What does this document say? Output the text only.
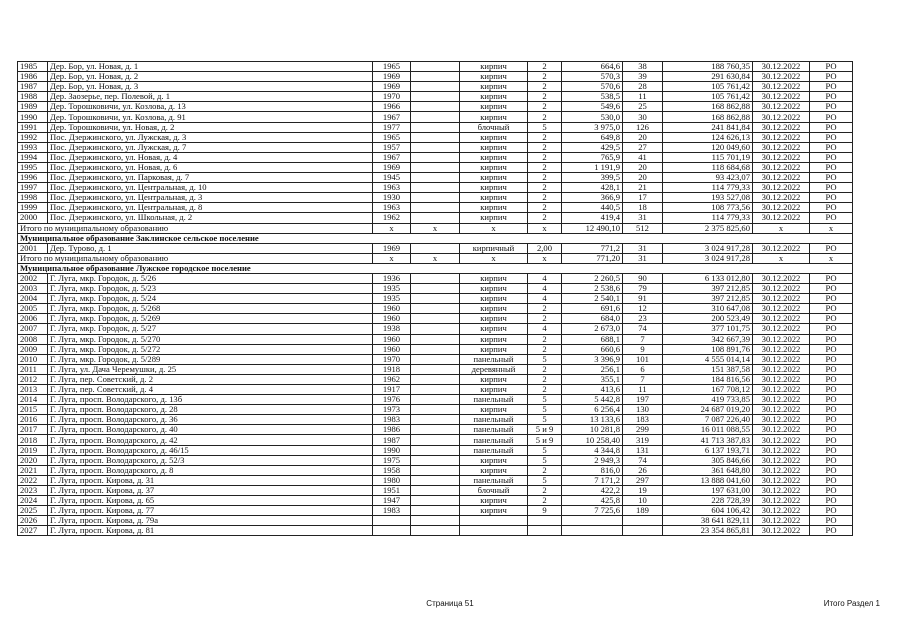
1985	Дер. Бор, ул. Новая, д. 1	1965		кирпич	2	664,6	38	188 760,35	30.12.2022	РО
1986	Дер. Бор, ул. Новая, д. 2	1969		кирпич	2	570,3	39	291 630,84	30.12.2022	РО
1987	Дер. Бор, ул. Новая, д. 3	1969		кирпич	2	570,6	28	105 761,42	30.12.2022	РО
1988	Дер. Заозерье, пер. Полевой, д. 1	1970		кирпич	2	538,5	11	105 761,42	30.12.2022	РО
1989	Дер. Торошковичи, ул. Козлова, д. 13	1966		кирпич	2	549,6	25	168 862,88	30.12.2022	РО
1990	Дер. Торошковичи, ул. Козлова, д. 91	1967		кирпич	2	530,0	30	168 862,88	30.12.2022	РО
1991	Дер. Торошковичи, ул. Новая, д. 2	1977		блочный	5	3 975,0	126	241 841,84	30.12.2022	РО
1992	Пос. Дзержинского, ул. Лужская, д. 3	1965		кирпич	2	649,8	20	124 626,13	30.12.2022	РО
1993	Пос. Дзержинского, ул. Лужская, д. 7	1957		кирпич	2	429,5	27	120 049,60	30.12.2022	РО
1994	Пос. Дзержинского, ул. Новая, д. 4	1967		кирпич	2	765,9	41	115 701,19	30.12.2022	РО
1995	Пос. Дзержинского, ул. Новая, д. 6	1969		кирпич	2	1 191,9	20	118 684,68	30.12.2022	РО
1996	Пос. Дзержинского, ул. Парковая, д. 7	1945		кирпич	2	399,5	20	93 423,07	30.12.2022	РО
1997	Пос. Дзержинского, ул. Центральная, д. 10	1963		кирпич	2	428,1	21	114 779,33	30.12.2022	РО
1998	Пос. Дзержинского, ул. Центральная, д. 3	1930		кирпич	2	366,9	17	193 527,08	30.12.2022	РО
1999	Пос. Дзержинского, ул. Центральная, д. 8	1963		кирпич	2	440,5	18	108 773,56	30.12.2022	РО
2000	Пос. Дзержинского, ул. Школьная, д. 2	1962		кирпич	2	419,4	31	114 779,33	30.12.2022	РО
Итого по муниципальному образованию		x	x	x	x	12 490,10	512	2 375 825,60	x	x
Муниципальное образование Заклинское сельское поселение										
2001	Дер. Турово, д. 1	1969		кирпичный	2,00	771,2	31	3 024 917,28	30.12.2022	РО
Итого по муниципальному образованию		x	x	x	x	771,20	31	3 024 917,28	x	x
Муниципальное образование Лужское городское поселение										
2002	Г. Луга, мкр. Городок, д. 5/26	1936		кирпич	4	2 260,5	90	6 133 012,80	30.12.2022	РО
2003	Г. Луга, мкр. Городок, д. 5/23	1935		кирпич	4	2 538,6	79	397 212,85	30.12.2022	РО
2004	Г. Луга, мкр. Городок, д. 5/24	1935		кирпич	4	2 540,1	91	397 212,85	30.12.2022	РО
2005	Г. Луга, мкр. Городок, д. 5/268	1960		кирпич	2	691,6	12	310 647,08	30.12.2022	РО
2006	Г. Луга, мкр. Городок, д. 5/269	1960		кирпич	2	684,0	23	200 523,49	30.12.2022	РО
2007	Г. Луга, мкр. Городок, д. 5/27	1938		кирпич	4	2 673,0	74	377 101,75	30.12.2022	РО
2008	Г. Луга, мкр. Городок, д. 5/270	1960		кирпич	2	688,1	7	342 667,39	30.12.2022	РО
2009	Г. Луга, мкр. Городок, д. 5/272	1960		кирпич	2	660,6	9	108 891,76	30.12.2022	РО
2010	Г. Луга, мкр. Городок, д. 5/289	1970		панельный	5	3 396,9	101	4 555 014,14	30.12.2022	РО
2011	Г. Луга, ул. Дача Черемушки, д. 25	1918		деревянный	2	256,1	6	151 387,58	30.12.2022	РО
2012	Г. Луга, пер. Советский, д. 2	1962		кирпич	2	355,1	7	184 816,56	30.12.2022	РО
2013	Г. Луга, пер. Советский, д. 4	1917		кирпич	2	413,6	11	167 708,12	30.12.2022	РО
2014	Г. Луга, просп. Володарского, д. 13б	1976		панельный	5	5 442,8	197	419 733,85	30.12.2022	РО
2015	Г. Луга, просп. Володарского, д. 28	1973		кирпич	5	6 256,4	130	24 687 019,20	30.12.2022	РО
2016	Г. Луга, просп. Володарского, д. 36	1983		панельный	5	13 133,6	183	7 087 226,40	30.12.2022	РО
2017	Г. Луга, просп. Володарского, д. 40	1986		панельный	5 и 9	10 281,8	299	16 011 088,55	30.12.2022	РО
2018	Г. Луга, просп. Володарского, д. 42	1987		панельный	5 и 9	10 258,40	319	41 713 387,83	30.12.2022	РО
2019	Г. Луга, просп. Володарского, д. 46/15	1990		панельный	5	4 344,8	131	6 137 193,71	30.12.2022	РО
2020	Г. Луга, просп. Володарского, д. 52/3	1975		кирпич	5	2 949,3	74	305 846,66	30.12.2022	РО
2021	Г. Луга, просп. Володарского, д. 8	1958		кирпич	2	816,0	26	361 648,80	30.12.2022	РО
2022	Г. Луга, просп. Кирова, д. 31	1980		панельный	5	7 171,2	297	13 888 041,60	30.12.2022	РО
2023	Г. Луга, просп. Кирова, д. 37	1951		блочный	2	422,2	19	197 631,00	30.12.2022	РО
2024	Г. Луга, просп. Кирова, д. 65	1947		кирпич	2	425,8	10	228 728,39	30.12.2022	РО
2025	Г. Луга, просп. Кирова, д. 77	1983		кирпич	9	7 725,6	189	604 106,42	30.12.2022	РО
2026	Г. Луга, просп. Кирова, д. 79а							38 641 829,11	30.12.2022	РО
2027	Г. Луга, просп. Кирова, д. 81							23 354 865,81	30.12.2022	РО
Страница 51	Итого Раздел 1
